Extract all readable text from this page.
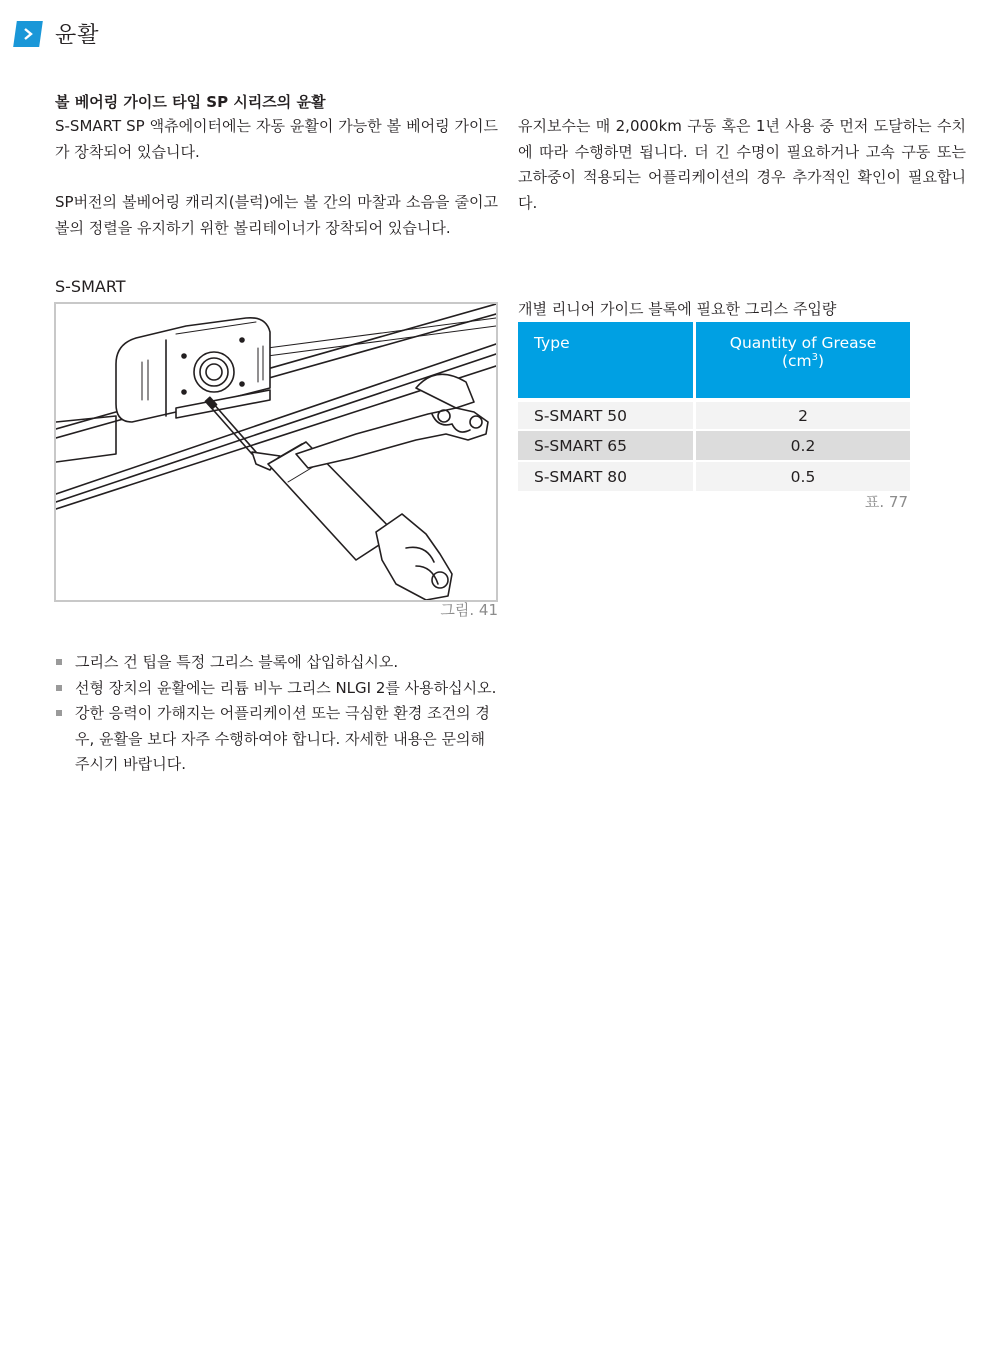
윤활
볼 베어링 가이드 타입 SP 시리즈의 윤활

S-SMART SP 액츄에이터에는 자동 윤활이 가능한 볼 베어링 가이드가 장착되어 있습니다.

SP버전의 볼베어링 캐리지(블럭)에는 볼 간의 마찰과 소음을 줄이고 볼의 정렬을 유지하기 위한 볼리테이너가 장착되어 있습니다.

유지보수는 매 2,000km 구동 혹은 1년 사용 중 먼저 도달하는 수치에 따라 수행하면 됩니다. 더 긴 수명이 필요하거나 고속 구동 또는 고하중이 적용되는 어플리케이션의 경우 추가적인 확인이 필요합니다.

S-SMART
그림. 41
그리스 건 팁을 특정 그리스 블록에 삽입하십시오.
선형 장치의 윤활에는 리튬 비누 그리스 NLGI 2를 사용하십시오.
강한 응력이 가해지는 어플리케이션 또는 극심한 환경 조건의 경우, 윤활을 보다 자주 수행하여야 합니다. 자세한 내용은 문의해주시기 바랍니다.
개별 리니어 가이드 블록에 필요한 그리스 주입량
Type	Quantity of Grease
$(cm^3)$

S-SMART 50	2
S-SMART 65	0.2
S-SMART 80	0.5
표. 77
